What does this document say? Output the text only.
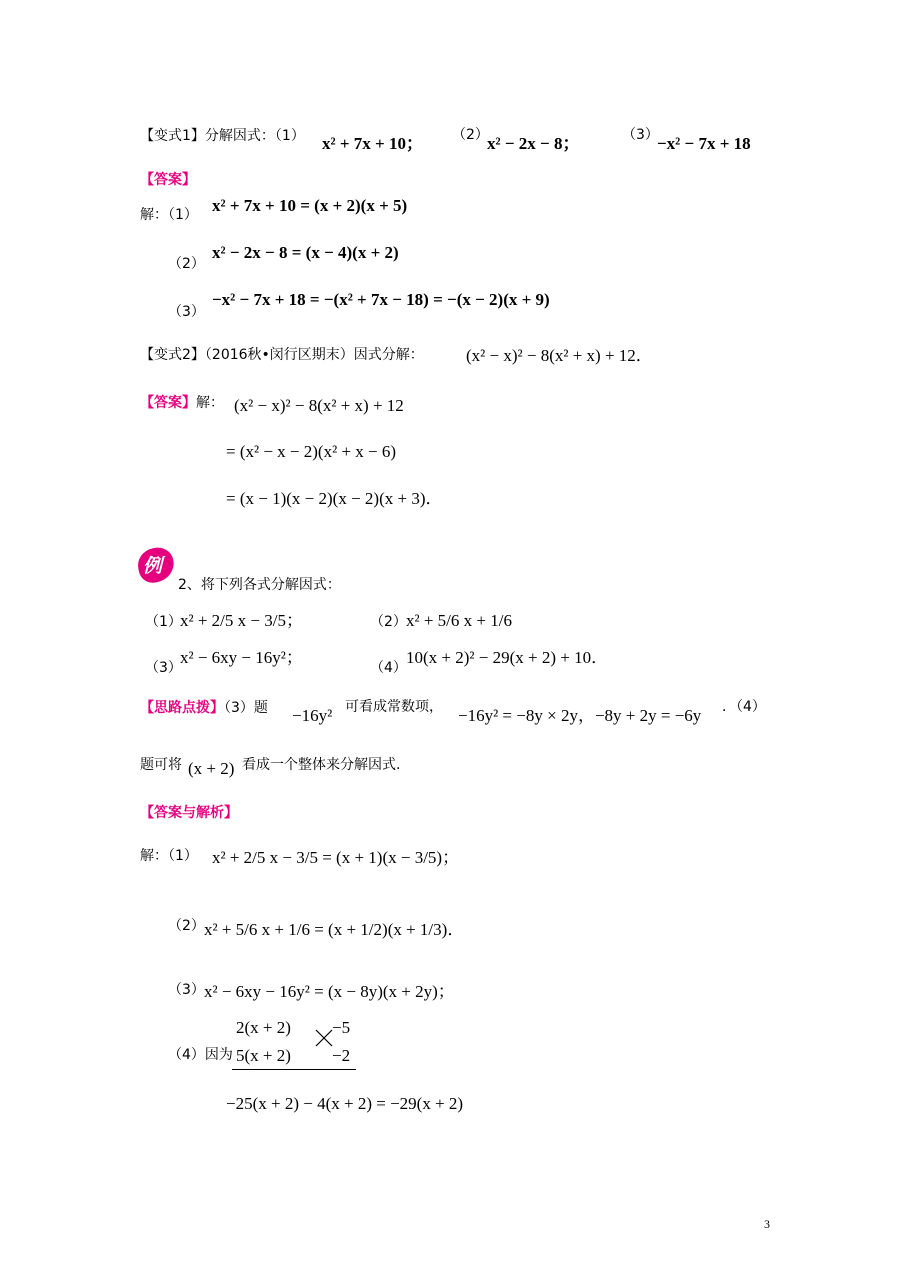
【变式1】分解因式：（1） x² + 7x + 10； （2）
x² − 2x − 8；	（3）
−x² − 7x + 18
【答案】
解：（1） x² + 7x + 10 = (x + 2)(x + 5)
（2）
x² − 2x − 8 = (x − 4)(x + 2)
（3）
−x² − 7x + 18 = −(x² + 7x − 18) = −(x − 2)(x + 9)
【变式2】（2016秋•闵行区期末）因式分解： (x² − x)² − 8(x² + x) + 12．
【答案】解： (x² − x)² − 8(x² + x) + 12
= (x² − x − 2)(x² + x − 6)
= (x − 1)(x − 2)(x − 2)(x + 3)．
例
2、将下列各式分解因式：
（1）
x² + 2/5 x − 3/5；	（2） x² + 5/6 x + 1/6
（3）
x² − 6xy − 16y²；
（4）
10(x + 2)² − 29(x + 2) + 10．
【思路点拨】（3）题 −16y² 可看成常数项， −16y² = −8y × 2y，−8y + 2y = −6y ．（4）
题可将 (x + 2) 看成一个整体来分解因式.
【答案与解析】
解：（1） x² + 2/5 x − 3/5 = (x + 1)(x − 3/5)；
（2） x² + 5/6 x + 1/6 = (x + 1/2)(x + 1/3)．
（3） x² − 6xy − 16y² = (x − 8y)(x + 2y)；
2(x + 2) −5
（4）因为 5(x + 2) −2
−25(x + 2) − 4(x + 2) = −29(x + 2)
3
